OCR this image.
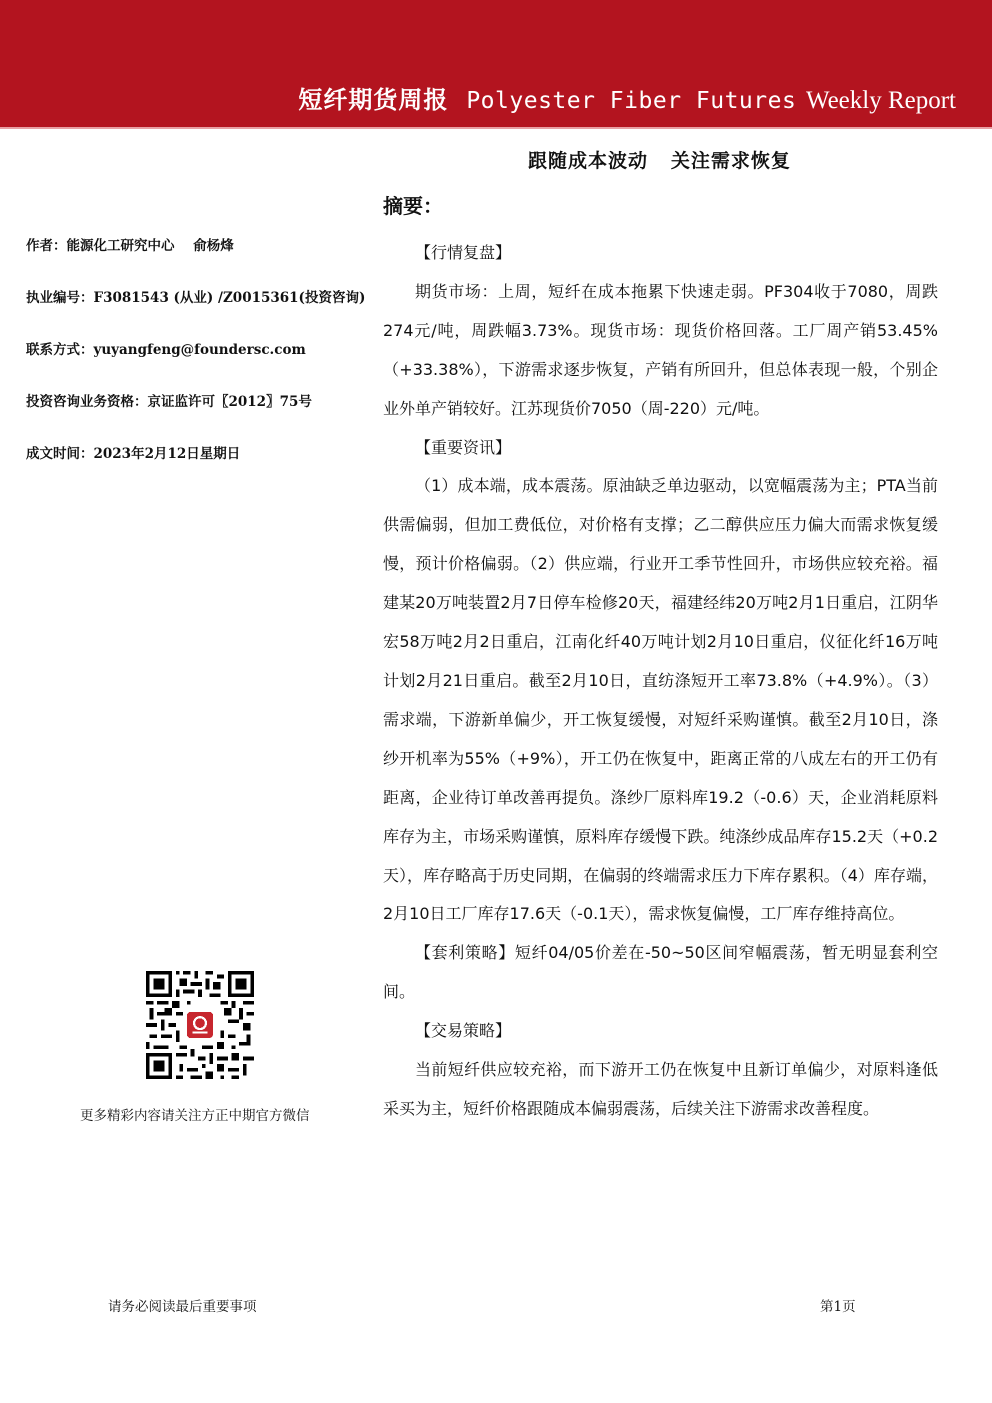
短纤期货周报 Polyester Fiber Futures Weekly Report
跟随成本波动   关注需求恢复
摘要：
作者：能源化工研究中心    俞杨烽
执业编号：F3081543 (从业) /Z0015361(投资咨询)
联系方式：yuyangfeng@foundersc.com
投资咨询业务资格：京证监许可〖2012〗75号
成文时间：2023年2月12日星期日

【行情复盘】

期货市场：上周，短纤在成本拖累下快速走弱。PF304收于7080，周跌274元/吨，周跌幅3.73%。现货市场：现货价格回落。工厂周产销53.45%（+33.38%），下游需求逐步恢复，产销有所回升，但总体表现一般，个别企业外单产销较好。江苏现货价7050（周-220）元/吨。

【重要资讯】

（1）成本端，成本震荡。原油缺乏单边驱动，以宽幅震荡为主；PTA当前供需偏弱，但加工费低位，对价格有支撑；乙二醇供应压力偏大而需求恢复缓慢，预计价格偏弱。（2）供应端，行业开工季节性回升，市场供应较充裕。福建某20万吨装置2月7日停车检修20天，福建经纬20万吨2月1日重启，江阴华宏58万吨2月2日重启，江南化纤40万吨计划2月10日重启，仪征化纤16万吨计划2月21日重启。截至2月10日，直纺涤短开工率73.8%（+4.9%）。（3）需求端，下游新单偏少，开工恢复缓慢，对短纤采购谨慎。截至2月10日，涤纱开机率为55%（+9%），开工仍在恢复中，距离正常的八成左右的开工仍有距离，企业待订单改善再提负。涤纱厂原料库19.2（-0.6）天，企业消耗原料库存为主，市场采购谨慎，原料库存缓慢下跌。纯涤纱成品库存15.2天（+0.2天），库存略高于历史同期，在偏弱的终端需求压力下库存累积。（4）库存端，2月10日工厂库存17.6天（-0.1天），需求恢复偏慢，工厂库存维持高位。

【套利策略】短纤04/05价差在-50~50区间窄幅震荡，暂无明显套利空间。

【交易策略】

当前短纤供应较充裕，而下游开工仍在恢复中且新订单偏少，对原料逢低采买为主，短纤价格跟随成本偏弱震荡，后续关注下游需求改善程度。

更多精彩内容请关注方正中期官方微信
请务必阅读最后重要事项	第1页
